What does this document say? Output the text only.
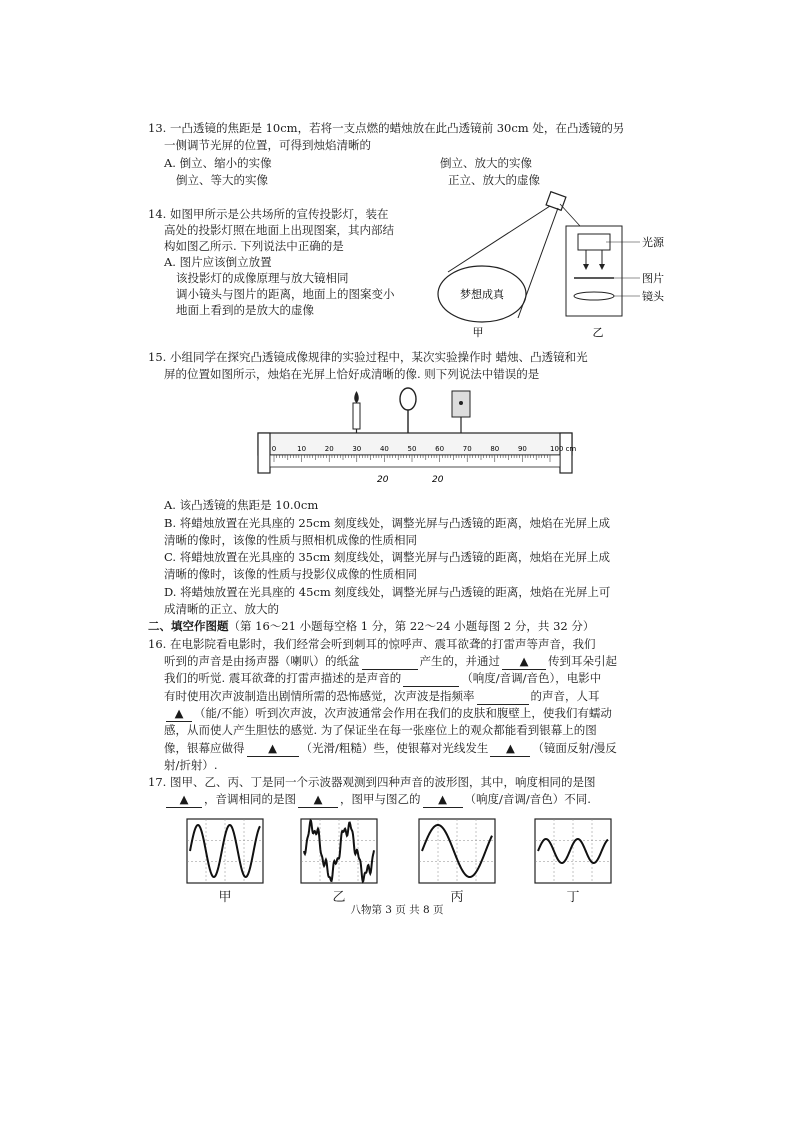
13. 一凸透镜的焦距是 10cm，若将一支点燃的蜡烛放在此凸透镜前 30cm 处，在凸透镜的另
一侧调节光屏的位置，可得到烛焰清晰的
A. 倒立、缩小的实像	倒立、放大的实像
倒立、等大的实像	正立、放大的虚像
14. 如图甲所示是公共场所的宣传投影灯，装在
高处的投影灯照在地面上出现图案，其内部结
构如图乙所示. 下列说法中正确的是
A. 图片应该倒立放置
该投影灯的成像原理与放大镜相同
调小镜头与图片的距离，地面上的图案变小
地面上看到的是放大的虚像
梦想成真
甲
光源
图片
镜头
乙
15. 小组同学在探究凸透镜成像规律的实验过程中，某次实验操作时 蜡烛、凸透镜和光
屏的位置如图所示，烛焰在光屏上恰好成清晰的像. 则下列说法中错误的是
0	10	20	30	40	50	60	70	80	90	100 cm
20	20
A. 该凸透镜的焦距是 10.0cm
B. 将蜡烛放置在光具座的 25cm 刻度线处，调整光屏与凸透镜的距离，烛焰在光屏上成
清晰的像时，该像的性质与照相机成像的性质相同
C. 将蜡烛放置在光具座的 35cm 刻度线处，调整光屏与凸透镜的距离，烛焰在光屏上成
清晰的像时，该像的性质与投影仪成像的性质相同
D. 将蜡烛放置在光具座的 45cm 刻度线处，调整光屏与凸透镜的距离，烛焰在光屏上可
成清晰的正立、放大的
二、填空作图题（第 16～21 小题每空格 1 分，第 22～24 小题每图 2 分，共 32 分）
16. 在电影院看电影时，我们经常会听到刺耳的惊呼声、震耳欲聋的打雷声等声音，我们
听到的声音是由扬声器（喇叭）的纸盆	产生的，并通过 ▲ 传到耳朵引起
我们的听觉. 震耳欲聋的打雷声描述的是声音的	（响度/音调/音色），电影中
有时使用次声波制造出剧情所需的恐怖感觉，次声波是指频率	的声音，人耳
▲ （能/不能）听到次声波，次声波通常会作用在我们的皮肤和腹壁上，使我们有蠕动
感，从而使人产生胆怯的感觉. 为了保证坐在每一张座位上的观众都能看到银幕上的图
像，银幕应做得 ▲ （光滑/粗糙）些，使银幕对光线发生 ▲ （镜面反射/漫反
射/折射）.
17. 图甲、乙、丙、丁是同一个示波器观测到四种声音的波形图，其中，响度相同的是图
▲ ，音调相同的是图 ▲ ，图甲与图乙的 ▲ （响度/音调/音色）不同.
甲	乙	丙	丁
八物第 3 页 共 8 页
